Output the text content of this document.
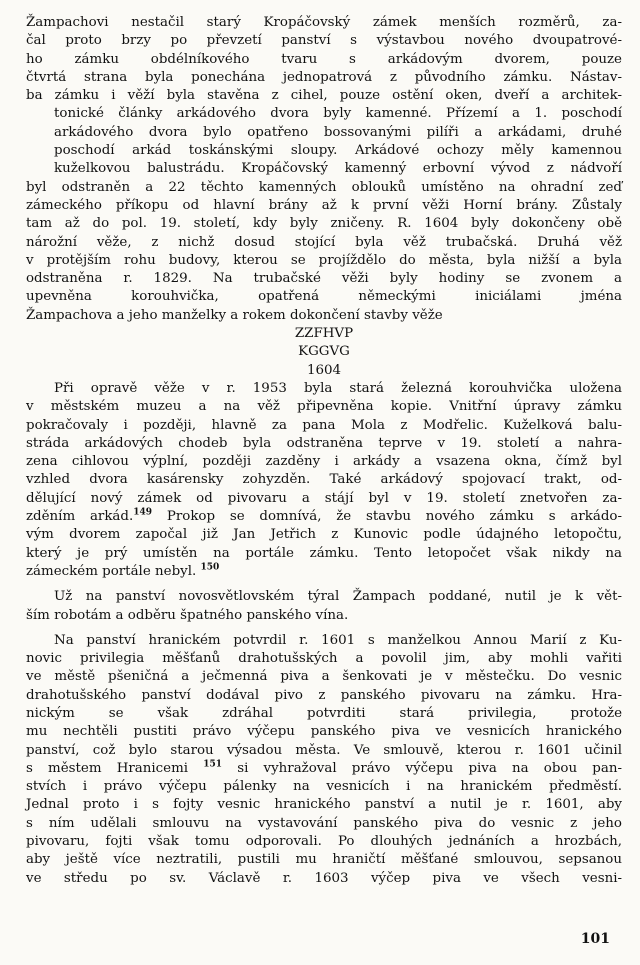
Žampachovi nestačil starý Kropáčovský zámek menších rozměrů, za-
čal proto brzy po převzetí panství s výstavbou nového dvoupatrové-
ho zámku obdélníkového tvaru s arkádovým dvorem, pouze
čtvrtá strana byla ponechána jednopatrová z původního zámku. Nástav-
ba zámku i věží byla stavěna z cihel, pouze ostění oken, dveří a architek-
tonické články arkádového dvora byly kamenné. Přízemí a 1. poschodí
arkádového dvora bylo opatřeno bossovanými pilíři a arkádami, druhé
poschodí arkád toskánskými sloupy. Arkádové ochozy měly kamennou
kuželkovou balustrádu. Kropáčovský kamenný erbovní vývod z nádvoří
byl odstraněn a 22 těchto kamenných oblouků umístěno na ohradní zeď
zámeckého příkopu od hlavní brány až k první věži Horní brány. Zůstaly
tam až do pol. 19. století, kdy byly zničeny. R. 1604 byly dokončeny obě
nárožní věže, z nichž dosud stojící byla věž trubačská. Druhá věž
v protějším rohu budovy, kterou se projíždělo do města, byla nižší a byla
odstraněna r. 1829. Na trubačské věži byly hodiny se zvonem a
upevněna korouhvička, opatřená německými iniciálami jména
Žampachova a jeho manželky a rokem dokončení stavby věže

ZZFHVP
KGGVG
1604

Při opravě věže v r. 1953 byla stará železná korouhvička uložena
v městském muzeu a na věž připevněna kopie. Vnitřní úpravy zámku
pokračovaly i později, hlavně za pana Mola z Modřelic. Kuželková balu-
stráda arkádových chodeb byla odstraněna teprve v 19. století a nahra-
zena cihlovou výplní, později zazděny i arkády a vsazena okna, čímž byl
vzhled dvora kasárensky zohyzděn. Také arkádový spojovací trakt, od-
dělující nový zámek od pivovaru a stájí byl v 19. století znetvořen za-
zděním arkád.$^{149}$ Prokop se domnívá, že stavbu nového zámku s arkádo-
vým dvorem započal již Jan Jetřich z Kunovic podle údajného letopočtu,
který je prý umístěn na portále zámku. Tento letopočet však nikdy na
zámeckém portále nebyl. $^{150}$

Už na panství novosvětlovském týral Žampach poddané, nutil je k vět-
ším robotám a odběru špatného panského vína.

Na panství hranickém potvrdil r. 1601 s manželkou Annou Marií z Ku-
novic privilegia měšťanů drahotušských a povolil jim, aby mohli vařiti
ve městě pšeničná a ječmenná piva a šenkovati je v městečku. Do vesnic
drahotušského panství dodával pivo z panského pivovaru na zámku. Hra-
nickým se však zdráhal potvrditi stará privilegia, protože
mu nechtěli pustiti právo výčepu panského piva ve vesnicích hranického
panství, což bylo starou výsadou města. Ve smlouvě, kterou r. 1601 učinil
s městem Hranicemi $^{151}$ si vyhražoval právo výčepu piva na obou pan-
stvích i právo výčepu pálenky na vesnicích i na hranickém předměstí.
Jednal proto i s fojty vesnic hranického panství a nutil je r. 1601, aby
s ním udělali smlouvu na vystavování panského piva do vesnic z jeho
pivovaru, fojti však tomu odporovali. Po dlouhých jednáních a hrozbách,
aby ještě více neztratili, pustili mu hraničtí měšťané smlouvou, sepsanou
ve středu po sv. Václavě r. 1603 výčep piva ve všech vesni-

101
